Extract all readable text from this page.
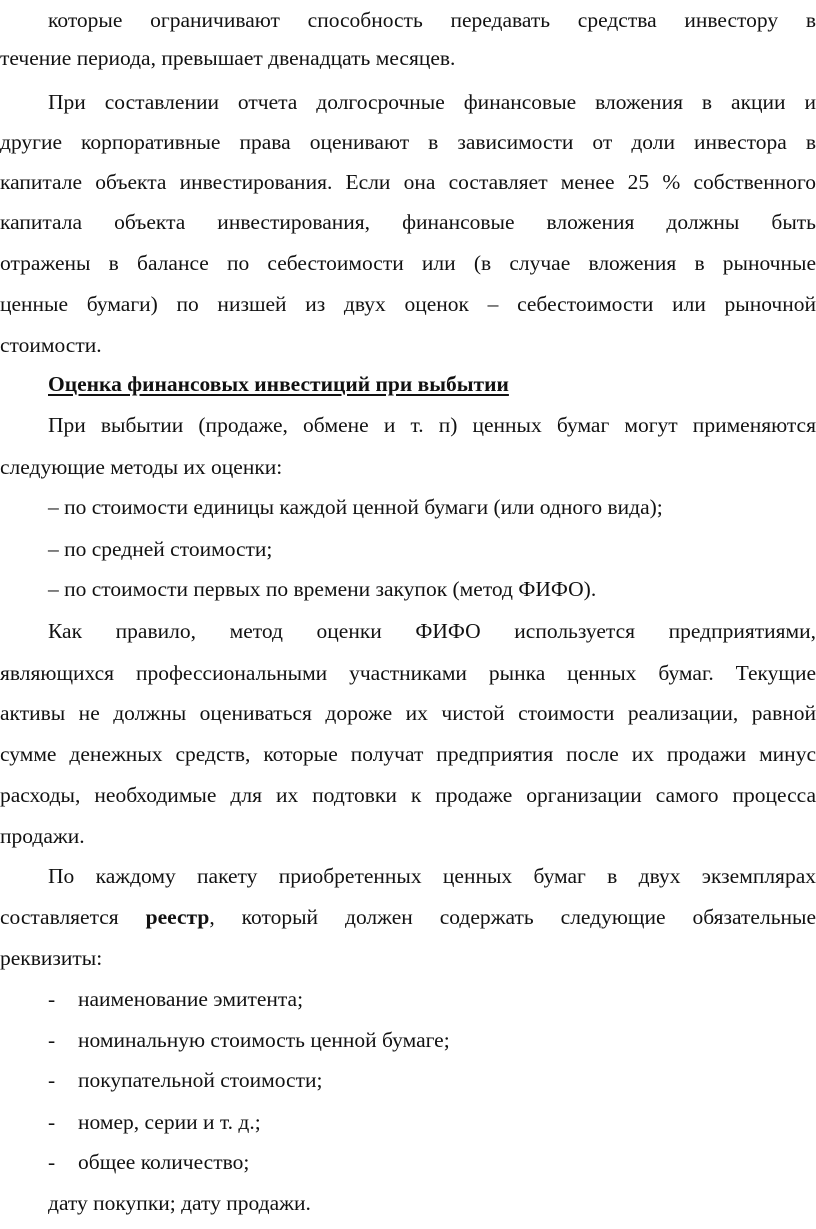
которые ограничивают способность передавать средства инвестору в

течение периода, превышает двенадцать месяцев.

При составлении отчета долгосрочные финансовые вложения в акции и

другие корпоративные права оценивают в зависимости от доли инвестора в

капитале объекта инвестирования. Если она составляет менее 25 % собственного

капитала объекта инвестирования, финансовые вложения должны быть

отражены в балансе по себестоимости или (в случае вложения в рыночные

ценные бумаги) по низшей из двух оценок – себестоимости или рыночной

стоимости.

Оценка финансовых инвестиций при выбытии

При выбытии (продаже, обмене и т. п) ценных бумаг могут применяются

следующие методы их оценки:

– по стоимости единицы каждой ценной бумаги (или одного вида);

– по средней стоимости;

– по стоимости первых по времени закупок (метод ФИФО).

Как правило, метод оценки ФИФО используется предприятиями,

являющихся профессиональными участниками рынка ценных бумаг. Текущие

активы не должны оцениваться дороже их чистой стоимости реализации, равной

сумме денежных средств, которые получат предприятия после их продажи минус

расходы, необходимые для их подтовки к продаже организации самого процесса

продажи.

По каждому пакету приобретенных ценных бумаг в двух экземплярах

составляется реестр, который должен содержать следующие обязательные

реквизиты:

- наименование эмитента;
- номинальную стоимость ценной бумаге;
- покупательной стоимости;
- номер, серии и т. д.;
- общее количество;

дату покупки; дату продажи.
